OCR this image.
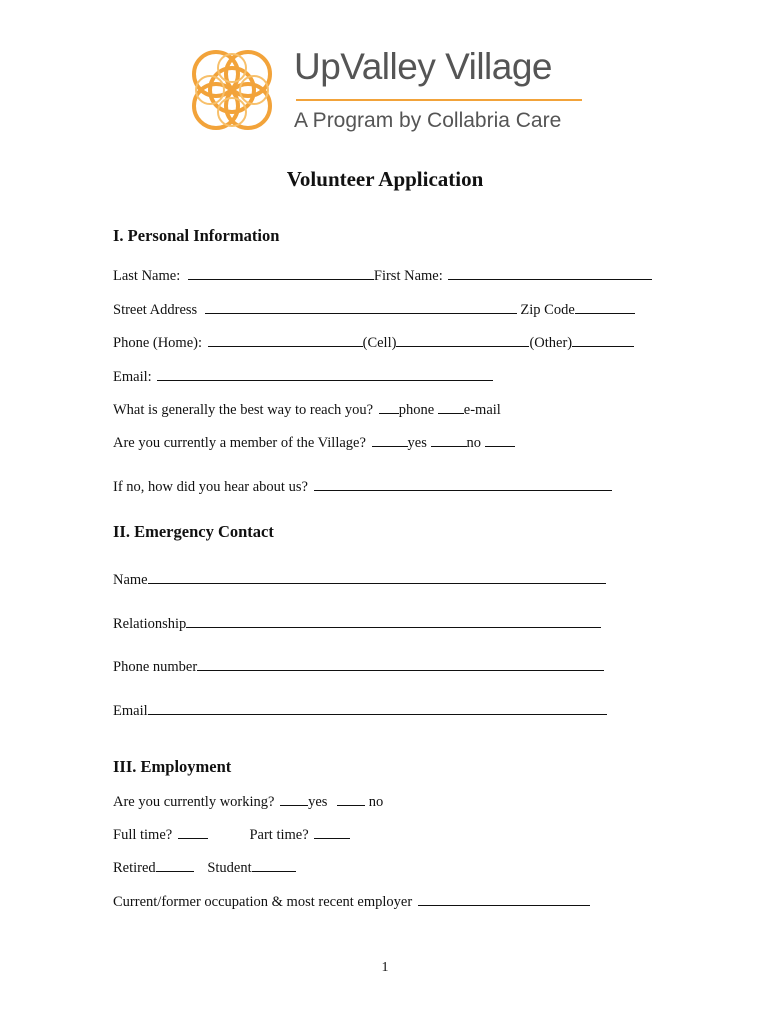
UpValley Village
A Program by Collabria Care
Volunteer Application
I. Personal Information
Last Name:	First Name:
Street Address	Zip Code
Phone (Home):	(Cell)	(Other)
Email:
What is generally the best way to reach you? phone e-mail
Are you currently a member of the Village?	yes	no
If no, how did you hear about us?
II. Emergency Contact
Name
Relationship
Phone number
Email
III. Employment
Are you currently working? yes	no
Full time?	Part time?
Retired	Student
Current/former occupation & most recent employer
1
